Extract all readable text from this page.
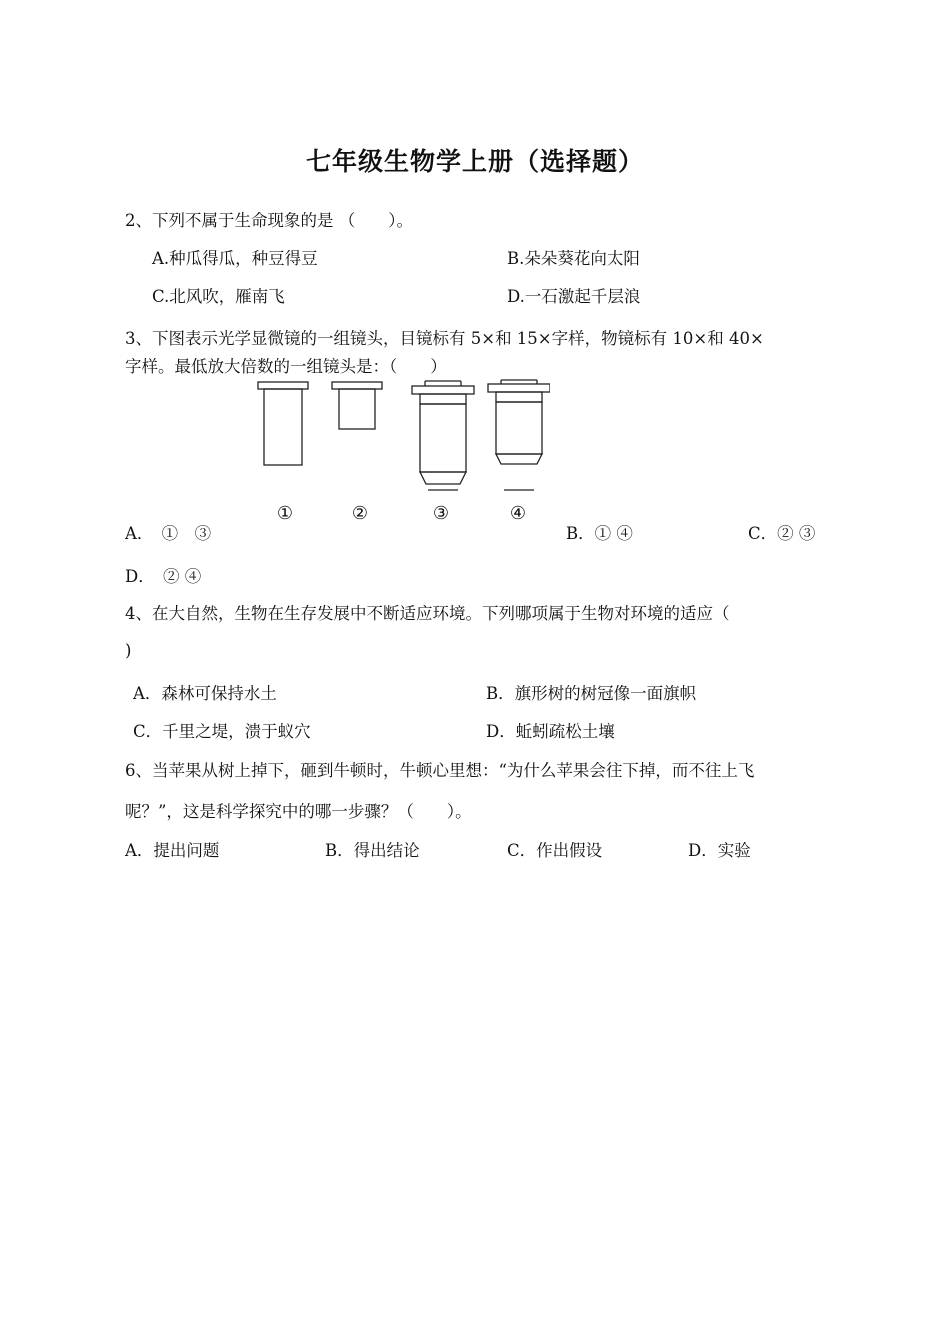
七年级生物学上册（选择题）
2、下列不属于生命现象的是 （　　）。
A.种瓜得瓜，种豆得豆	B.朵朵葵花向太阳
C.北风吹，雁南飞	D.一石激起千层浪
3、下图表示光学显微镜的一组镜头，目镜标有 5×和 15×字样，物镜标有 10×和 40×
字样。最低放大倍数的一组镜头是：（　　）
①	②	③	④
A．　①　③	B．① ④	C．② ③
D．　② ④
4、在大自然，生物在生存发展中不断适应环境。下列哪项属于生物对环境的适应（
)
A．森林可保持水土	B．旗形树的树冠像一面旗帜
C．千里之堤，溃于蚁穴	D．蚯蚓疏松土壤
6、当苹果从树上掉下，砸到牛顿时，牛顿心里想：“为什么苹果会往下掉，而不往上飞
呢？”，这是科学探究中的哪一步骤？（　　）。
A．提出问题	B．得出结论	C．作出假设	D．实验
